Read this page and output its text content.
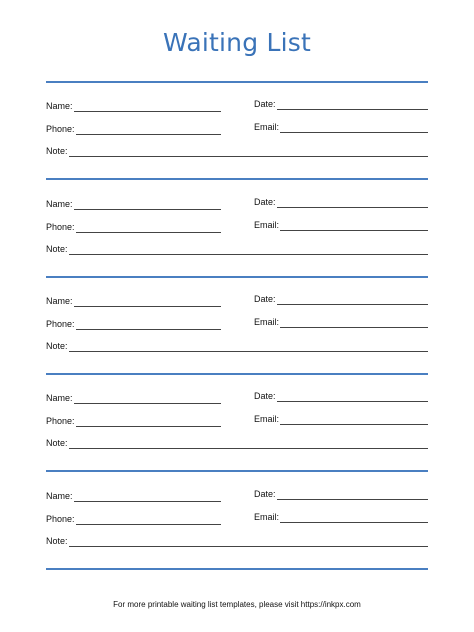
Waiting List
Name:	Date:
Phone:	Email:
Note:
Name:	Date:
Phone:	Email:
Note:
Name:	Date:
Phone:	Email:
Note:
Name:	Date:
Phone:	Email:
Note:
Name:	Date:
Phone:	Email:
Note:
For more printable waiting list templates, please visit https://inkpx.com
